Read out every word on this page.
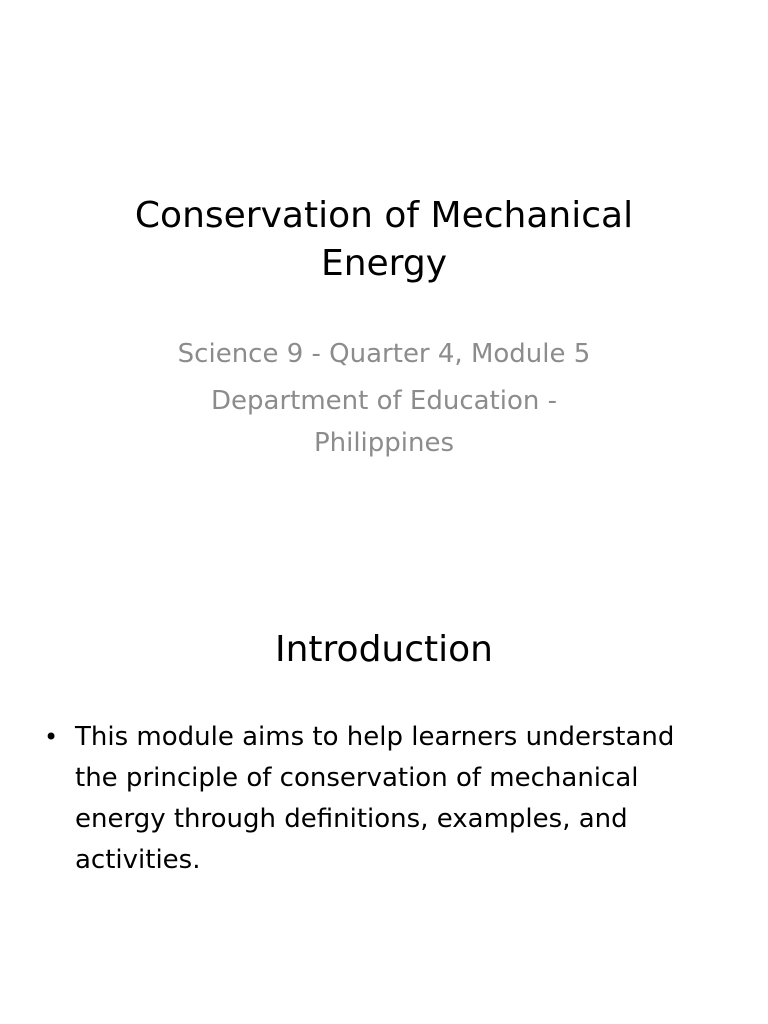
Conservation of Mechanical
Energy
Science 9 - Quarter 4, Module 5
Department of Education -
Philippines
Introduction
• This module aims to help learners understand
the principle of conservation of mechanical
energy through definitions, examples, and
activities.
